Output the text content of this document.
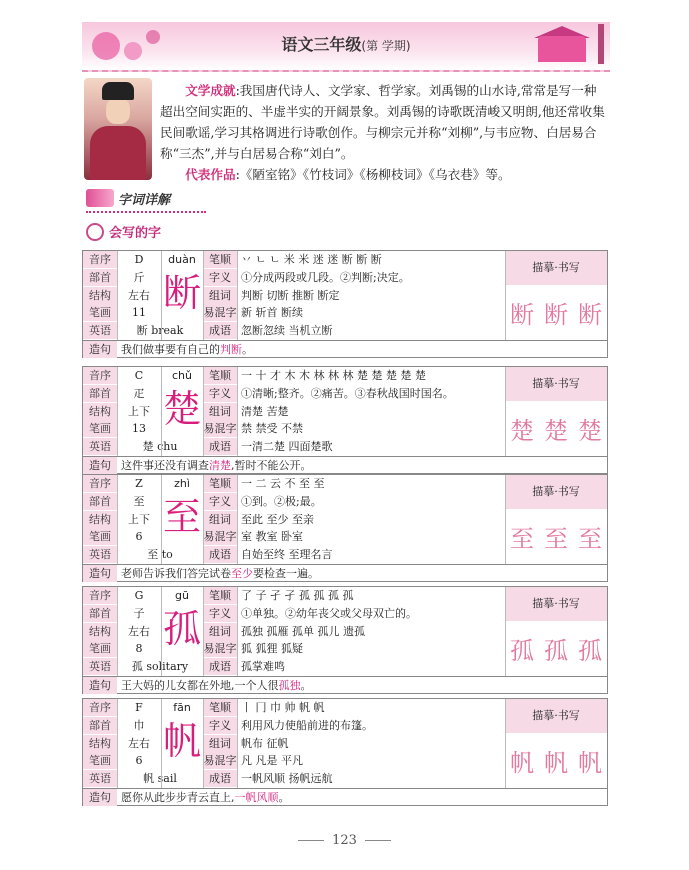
语文三年级(第 学期)
文学成就:我国唐代诗人、文学家、哲学家。刘禹锡的山水诗,常常是写一种超出空间实距的、半虚半实的开阔景象。刘禹锡的诗歌既清峻又明朗,他还常收集民间歌谣,学习其格调进行诗歌创作。与柳宗元并称“刘柳”,与韦应物、白居易合称“三杰”,并与白居易合称“刘白”。
代表作品:《陋室铭》《竹枝词》《杨柳枝词》《乌衣巷》等。
字词详解
会写的字
音序	D	笔顺 丷 ㄴ ㄴ 米 米 迷 迷 断 断 断
部首	斤	字义 ①分成两段或几段。②判断;决定。
结构	左右	组词 判断 切断 推断 断定
笔画	11	易混字 新 斩首 断续
英语	断 break	成语 忽断忽续 当机立断
duàn
断
描摹·书写
断 断 断
造句 我们做事要有自己的判断。
音序	C	笔顺 一 十 才 木 木 林 林 林 楚 楚 楚 楚 楚
部首	疋	字义 ①清晰;整齐。②痛苦。③春秋战国时国名。
结构	上下	组词 清楚 苦楚
笔画	13	易混字 禁 禁受 不禁
英语	楚 chu	成语 一清二楚 四面楚歌
chǔ
楚
描摹·书写
楚 楚 楚
造句 这件事还没有调查清楚,暂时不能公开。
音序	Z	笔顺 一 二 云 不 至 至
部首	至	字义 ①到。②极;最。
结构	上下	组词 至此 至少 至亲
笔画	6	易混字 室 教室 卧室
英语	至 to	成语 自始至终 至理名言
zhì
至
描摹·书写
至 至 至
造句 老师告诉我们答完试卷至少要检查一遍。
音序	G	笔顺 了 子 孑 孑 孤 孤 孤 孤
部首	子	字义 ①单独。②幼年丧父或父母双亡的。
结构	左右	组词 孤独 孤雁 孤单 孤儿 遗孤
笔画	8	易混字 狐 狐狸 狐疑
英语	孤 solitary	成语 孤掌难鸣
gū
孤
描摹·书写
孤 孤 孤
造句 王大妈的儿女都在外地,一个人很孤独。
音序	F	笔顺 丨 冂 巾 帅 帆 帆
部首	巾	字义 利用风力使船前进的布篷。
结构	左右	组词 帆布 征帆
笔画	6	易混字 凡 凡是 平凡
英语	帆 sail	成语 一帆风顺 扬帆远航
fān
帆
描摹·书写
帆 帆 帆
造句 愿你从此步步青云直上,一帆风顺。
123
